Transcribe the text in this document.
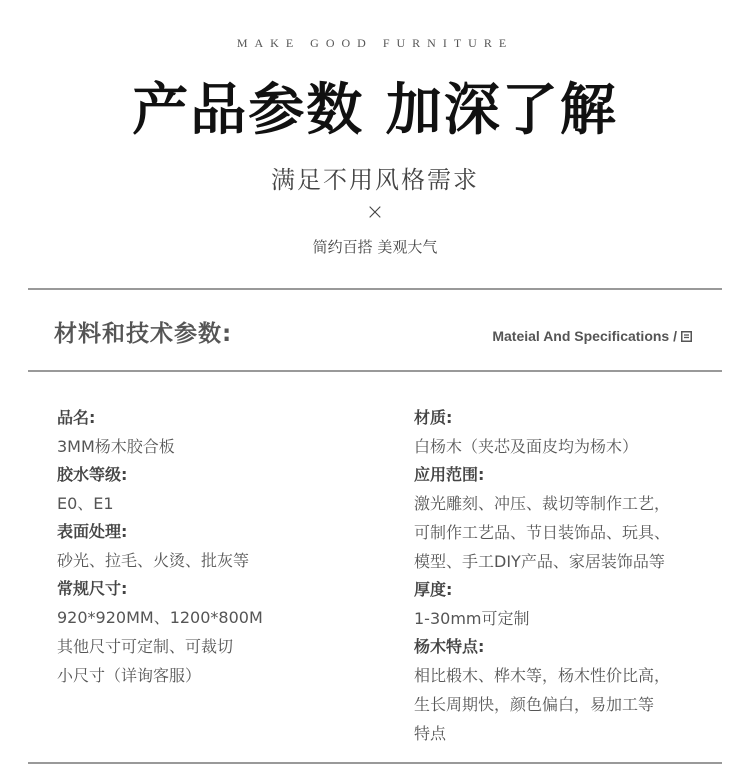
MAKE GOOD FURNITURE
产品参数 加深了解
满足不用风格需求
×
简约百搭 美观大气
材料和技术参数:	Mateial And Specifications /
品名:
3MM杨木胶合板
胶水等级:
E0、E1
表面处理:
砂光、拉毛、火烫、批灰等
常规尺寸:
920*920MM、1200*800M
其他尺寸可定制、可裁切
小尺寸（详询客服）
材质:
白杨木（夹芯及面皮均为杨木）
应用范围:
激光雕刻、冲压、裁切等制作工艺，
可制作工艺品、节日装饰品、玩具、
模型、手工DIY产品、家居装饰品等
厚度:
1-30mm可定制
杨木特点:
相比椴木、桦木等，杨木性价比高，
生长周期快，颜色偏白，易加工等
特点
